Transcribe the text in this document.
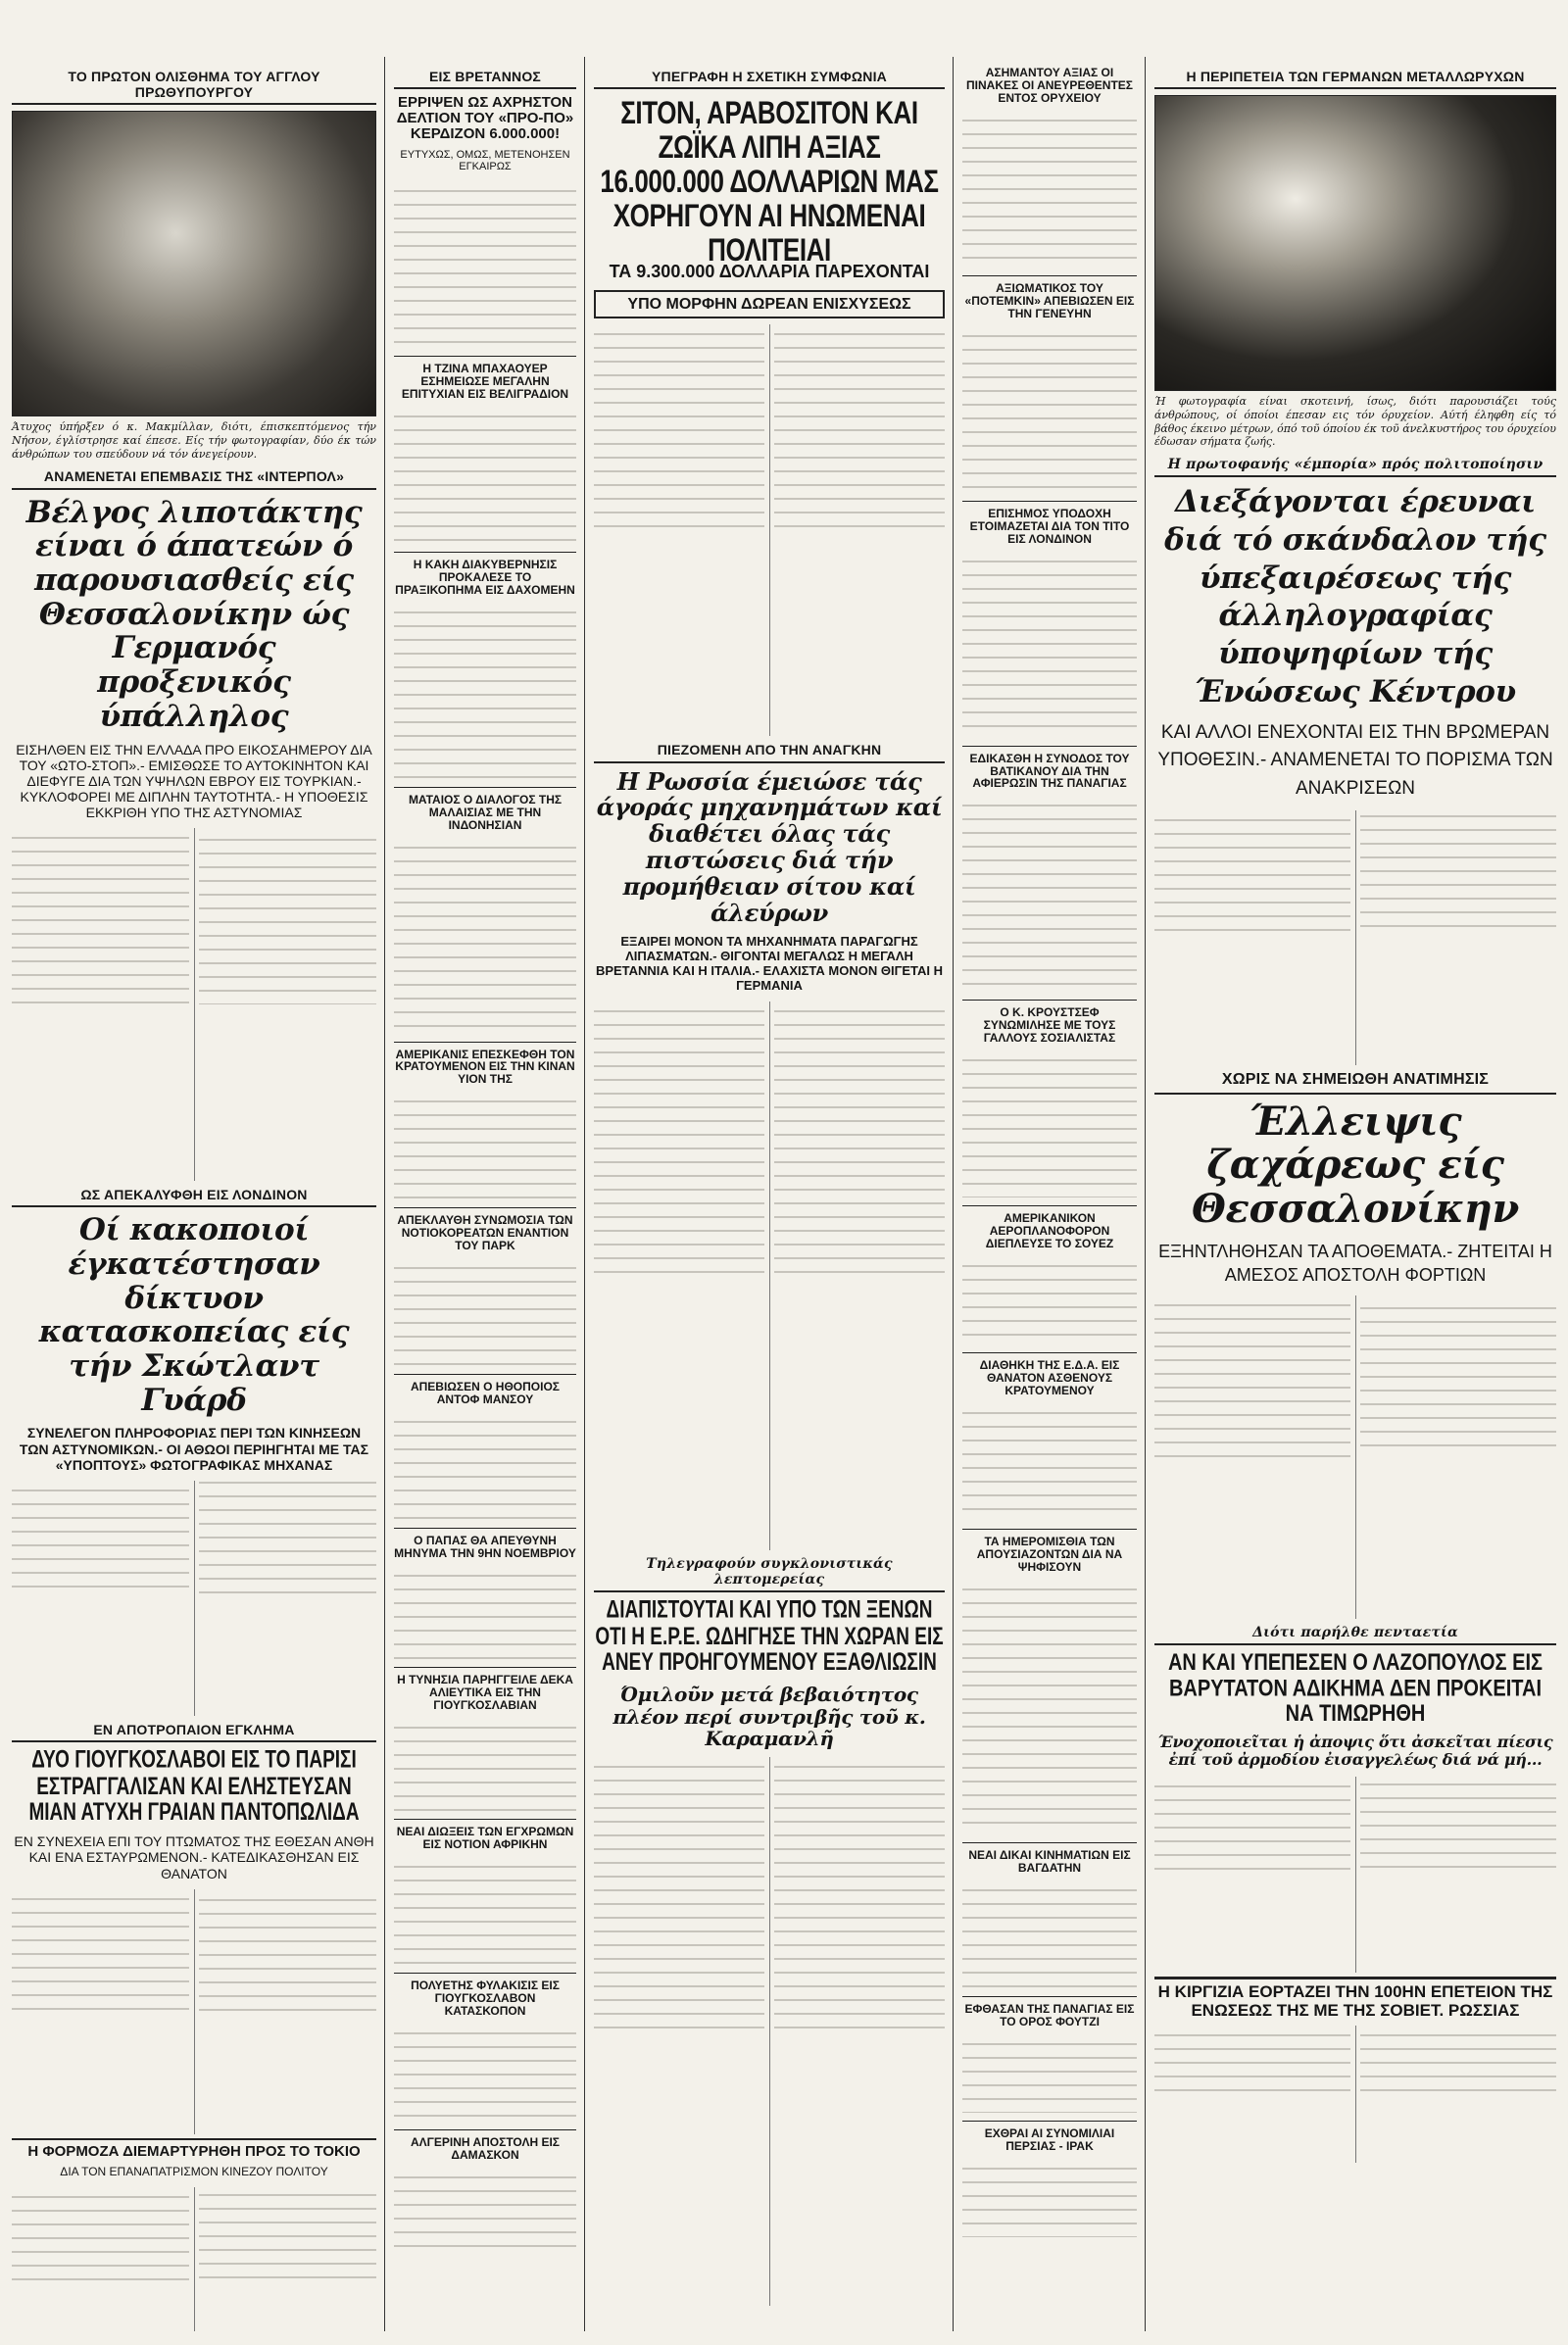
ΤΟ ΠΡΩΤΟΝ ΟΛΙΣΘΗΜΑ ΤΟΥ ΑΓΓΛΟΥ ΠΡΩΘΥΠΟΥΡΓΟΥ
Άτυχος ύπήρξεν ό κ. Μακμίλλαν, διότι, έπισκεπτόμενος τήν Νήσον, έγλίστρησε καί έπεσε. Είς τήν φωτογραφίαν, δύο έκ τών άνθρώπων του σπεύδουν νά τόν άνεγείρουν.
ΑΝΑΜΕΝΕΤΑΙ ΕΠΕΜΒΑΣΙΣ ΤΗΣ «ΙΝΤΕΡΠΟΛ»
Βέλγος λιποτάκτης είναι ό άπατεών ό παρουσιασθείς είς Θεσσαλονίκην ώς Γερμανός προξενικός ύπάλληλος
ΕΙΣΗΛΘΕΝ ΕΙΣ ΤΗΝ ΕΛΛΑΔΑ ΠΡΟ ΕΙΚΟΣΑΗΜΕΡΟΥ ΔΙΑ ΤΟΥ «ΩΤΟ-ΣΤΟΠ».- ΕΜΙΣΘΩΣΕ ΤΟ ΑΥΤΟΚΙΝΗΤΟΝ ΚΑΙ ΔΙΕΦΥΓΕ ΔΙΑ ΤΩΝ ΥΨΗΛΩΝ ΕΒΡΟΥ ΕΙΣ ΤΟΥΡΚΙΑΝ.- ΚΥΚΛΟΦΟΡΕΙ ΜΕ ΔΙΠΛΗΝ ΤΑΥΤΟΤΗΤΑ.- Η ΥΠΟΘΕΣΙΣ ΕΚΚΡΙΘΗ ΥΠΟ ΤΗΣ ΑΣΤΥΝΟΜΙΑΣ
ΩΣ ΑΠΕΚΑΛΥΦΘΗ ΕΙΣ ΛΟΝΔΙΝΟΝ
Οί κακοποιοί έγκατέστησαν δίκτυον κατασκοπείας είς τήν Σκώτλαντ Γυάρδ
ΣΥΝΕΛΕΓΟΝ ΠΛΗΡΟΦΟΡΙΑΣ ΠΕΡΙ ΤΩΝ ΚΙΝΗΣΕΩΝ ΤΩΝ ΑΣΤΥΝΟΜΙΚΩΝ.- ΟΙ ΑΘΩΟΙ ΠΕΡΙΗΓΗΤΑΙ ΜΕ ΤΑΣ «ΥΠΟΠΤΟΥΣ» ΦΩΤΟΓΡΑΦΙΚΑΣ ΜΗΧΑΝΑΣ
ΕΝ ΑΠΟΤΡΟΠΑΙΟΝ ΕΓΚΛΗΜΑ
ΔΥΟ ΓΙΟΥΓΚΟΣΛΑΒΟΙ ΕΙΣ ΤΟ ΠΑΡΙΣΙ ΕΣΤΡΑΓΓΑΛΙΣΑΝ ΚΑΙ ΕΛΗΣΤΕΥΣΑΝ ΜΙΑΝ ΑΤΥΧΗ ΓΡΑΙΑΝ ΠΑΝΤΟΠΩΛΙΔΑ
ΕΝ ΣΥΝΕΧΕΙΑ ΕΠΙ ΤΟΥ ΠΤΩΜΑΤΟΣ ΤΗΣ ΕΘΕΣΑΝ ΑΝΘΗ ΚΑΙ ΕΝΑ ΕΣΤΑΥΡΩΜΕΝΟΝ.- ΚΑΤΕΔΙΚΑΣΘΗΣΑΝ ΕΙΣ ΘΑΝΑΤΟΝ
Η ΦΟΡΜΟΖΑ ΔΙΕΜΑΡΤΥΡΗΘΗ ΠΡΟΣ ΤΟ ΤΟΚΙΟ
ΔΙΑ ΤΟΝ ΕΠΑΝΑΠΑΤΡΙΣΜΟΝ ΚΙΝΕΖΟΥ ΠΟΛΙΤΟΥ
ΕΙΣ ΒΡΕΤΑΝΝΟΣ
ΕΡΡΙΨΕΝ ΩΣ ΑΧΡΗΣΤΟΝ ΔΕΛΤΙΟΝ ΤΟΥ «ΠΡΟ-ΠΟ» ΚΕΡΔΙΖΟΝ 6.000.000!
ΕΥΤΥΧΩΣ, ΟΜΩΣ, ΜΕΤΕΝΟΗΣΕΝ ΕΓΚΑΙΡΩΣ
Η ΤΖΙΝΑ ΜΠΑΧΑΟΥΕΡ ΕΣΗΜΕΙΩΣΕ ΜΕΓΑΛΗΝ ΕΠΙΤΥΧΙΑΝ ΕΙΣ ΒΕΛΙΓΡΑΔΙΟΝ
Η ΚΑΚΗ ΔΙΑΚΥΒΕΡΝΗΣΙΣ ΠΡΟΚΑΛΕΣΕ ΤΟ ΠΡΑΞΙΚΟΠΗΜΑ ΕΙΣ ΔΑΧΟΜΕΗΝ
ΜΑΤΑΙΟΣ Ο ΔΙΑΛΟΓΟΣ ΤΗΣ ΜΑΛΑΙΣΙΑΣ ΜΕ ΤΗΝ ΙΝΔΟΝΗΣΙΑΝ
ΑΜΕΡΙΚΑΝΙΣ ΕΠΕΣΚΕΦΘΗ ΤΟΝ ΚΡΑΤΟΥΜΕΝΟΝ ΕΙΣ ΤΗΝ ΚΙΝΑΝ ΥΙΟΝ ΤΗΣ
ΑΠΕΚΛΑΥΘΗ ΣΥΝΩΜΟΣΙΑ ΤΩΝ ΝΟΤΙΟΚΟΡΕΑΤΩΝ ΕΝΑΝΤΙΟΝ ΤΟΥ ΠΑΡΚ
ΑΠΕΒΙΩΣΕΝ Ο ΗΘΟΠΟΙΟΣ ΑΝΤΟΦ ΜΑΝΣΟΥ
Ο ΠΑΠΑΣ ΘΑ ΑΠΕΥΘΥΝΗ ΜΗΝΥΜΑ ΤΗΝ 9ΗΝ ΝΟΕΜΒΡΙΟΥ
Η ΤΥΝΗΣΙΑ ΠΑΡΗΓΓΕΙΛΕ ΔΕΚΑ ΑΛΙΕΥΤΙΚΑ ΕΙΣ ΤΗΝ ΓΙΟΥΓΚΟΣΛΑΒΙΑΝ
ΝΕΑΙ ΔΙΩΞΕΙΣ ΤΩΝ ΕΓΧΡΩΜΩΝ ΕΙΣ ΝΟΤΙΟΝ ΑΦΡΙΚΗΝ
ΠΟΛΥΕΤΗΣ ΦΥΛΑΚΙΣΙΣ ΕΙΣ ΓΙΟΥΓΚΟΣΛΑΒΟΝ ΚΑΤΑΣΚΟΠΟΝ
ΑΛΓΕΡΙΝΗ ΑΠΟΣΤΟΛΗ ΕΙΣ ΔΑΜΑΣΚΟΝ
ΥΠΕΓΡΑΦΗ Η ΣΧΕΤΙΚΗ ΣΥΜΦΩΝΙΑ
ΣΙΤΟΝ, ΑΡΑΒΟΣΙΤΟΝ ΚΑΙ ΖΩΪΚΑ ΛΙΠΗ ΑΞΙΑΣ 16.000.000 ΔΟΛΛΑΡΙΩΝ ΜΑΣ ΧΟΡΗΓΟΥΝ ΑΙ ΗΝΩΜΕΝΑΙ ΠΟΛΙΤΕΙΑΙ
ΤΑ 9.300.000 ΔΟΛΛΑΡΙΑ ΠΑΡΕΧΟΝΤΑΙ
ΥΠΟ ΜΟΡΦΗΝ ΔΩΡΕΑΝ ΕΝΙΣΧΥΣΕΩΣ
ΠΙΕΖΟΜΕΝΗ ΑΠΟ ΤΗΝ ΑΝΑΓΚΗΝ
Η Ρωσσία έμειώσε τάς άγοράς μηχανημάτων καί διαθέτει όλας τάς πιστώσεις διά τήν προμήθειαν σίτου καί άλεύρων
ΕΞΑΙΡΕΙ ΜΟΝΟΝ ΤΑ ΜΗΧΑΝΗΜΑΤΑ ΠΑΡΑΓΩΓΗΣ ΛΙΠΑΣΜΑΤΩΝ.- ΘΙΓΟΝΤΑΙ ΜΕΓΑΛΩΣ Η ΜΕΓΑΛΗ ΒΡΕΤΑΝΝΙΑ ΚΑΙ Η ΙΤΑΛΙΑ.- ΕΛΑΧΙΣΤΑ ΜΟΝΟΝ ΘΙΓΕΤΑΙ Η ΓΕΡΜΑΝΙΑ
Τηλεγραφούν συγκλονιστικάς λεπτομερείας
ΔΙΑΠΙΣΤΟΥΤΑΙ ΚΑΙ ΥΠΟ ΤΩΝ ΞΕΝΩΝ ΟΤΙ Η Ε.Ρ.Ε. ΩΔΗΓΗΣΕ ΤΗΝ ΧΩΡΑΝ ΕΙΣ ΑΝΕΥ ΠΡΟΗΓΟΥΜΕΝΟΥ ΕΞΑΘΛΙΩΣΙΝ
Όμιλοῦν μετά βεβαιότητος πλέον περί συντριβῆς τοῦ κ. Καραμανλῆ
ΑΣΗΜΑΝΤΟΥ ΑΞΙΑΣ ΟΙ ΠΙΝΑΚΕΣ ΟΙ ΑΝΕΥΡΕΘΕΝΤΕΣ ΕΝΤΟΣ ΟΡΥΧΕΙΟΥ
ΑΞΙΩΜΑΤΙΚΟΣ ΤΟΥ «ΠΟΤΕΜΚΙΝ» ΑΠΕΒΙΩΣΕΝ ΕΙΣ ΤΗΝ ΓΕΝΕΥΗΝ
ΕΠΙΣΗΜΟΣ ΥΠΟΔΟΧΗ ΕΤΟΙΜΑΖΕΤΑΙ ΔΙΑ ΤΟΝ ΤΙΤΟ ΕΙΣ ΛΟΝΔΙΝΟΝ
ΕΔΙΚΑΣΘΗ Η ΣΥΝΟΔΟΣ ΤΟΥ ΒΑΤΙΚΑΝΟΥ ΔΙΑ ΤΗΝ ΑΦΙΕΡΩΣΙΝ ΤΗΣ ΠΑΝΑΓΙΑΣ
Ο Κ. ΚΡΟΥΣΤΣΕΦ ΣΥΝΩΜΙΛΗΣΕ ΜΕ ΤΟΥΣ ΓΑΛΛΟΥΣ ΣΟΣΙΑΛΙΣΤΑΣ
ΑΜΕΡΙΚΑΝΙΚΟΝ ΑΕΡΟΠΛΑΝΟΦΟΡΟΝ ΔΙΕΠΛΕΥΣΕ ΤΟ ΣΟΥΕΖ
ΔΙΑΘΗΚΗ ΤΗΣ Ε.Δ.Α. ΕΙΣ ΘΑΝΑΤΟΝ ΑΣΘΕΝΟΥΣ ΚΡΑΤΟΥΜΕΝΟΥ
ΤΑ ΗΜΕΡΟΜΙΣΘΙΑ ΤΩΝ ΑΠΟΥΣΙΑΖΟΝΤΩΝ ΔΙΑ ΝΑ ΨΗΦΙΣΟΥΝ
ΝΕΑΙ ΔΙΚΑΙ ΚΙΝΗΜΑΤΙΩΝ ΕΙΣ ΒΑΓΔΑΤΗΝ
ΕΦΘΑΣΑΝ ΤΗΣ ΠΑΝΑΓΙΑΣ ΕΙΣ ΤΟ ΟΡΟΣ ΦΟΥΤΖΙ
ΕΧΘΡΑΙ ΑΙ ΣΥΝΟΜΙΛΙΑΙ ΠΕΡΣΙΑΣ - ΙΡΑΚ
Η ΠΕΡΙΠΕΤΕΙΑ ΤΩΝ ΓΕΡΜΑΝΩΝ ΜΕΤΑΛΛΩΡΥΧΩΝ
Ή φωτογραφία είναι σκοτεινή, ίσως, διότι παρουσιάζει τούς άνθρώπους, οί όποίοι έπεσαν εις τόν όρυχείον. Αύτή έληφθη είς τό βάθος έκεινο μέτρων, όπό τοῦ όποίου έκ τοῦ άνελκυστήρος του όρυχείου έδωσαν σήματα ζωής.
Η πρωτοφανής «έμπορία» πρός πολιτοποίησιν
Διεξάγονται έρευναι διά τό σκάνδαλον τής ύπεξαιρέσεως τής άλληλογραφίας ύποψηφίων τής Ένώσεως Κέντρου
ΚΑΙ ΑΛΛΟΙ ΕΝΕΧΟΝΤΑΙ ΕΙΣ ΤΗΝ ΒΡΩΜΕΡΑΝ ΥΠΟΘΕΣΙΝ.- ΑΝΑΜΕΝΕΤΑΙ ΤΟ ΠΟΡΙΣΜΑ ΤΩΝ ΑΝΑΚΡΙΣΕΩΝ
ΧΩΡΙΣ ΝΑ ΣΗΜΕΙΩΘΗ ΑΝΑΤΙΜΗΣΙΣ
Έλλειψις ζαχάρεως είς Θεσσαλονίκην
ΕΞΗΝΤΛΗΘΗΣΑΝ ΤΑ ΑΠΟΘΕΜΑΤΑ.- ΖΗΤΕΙΤΑΙ Η ΑΜΕΣΟΣ ΑΠΟΣΤΟΛΗ ΦΟΡΤΙΩΝ
Διότι παρήλθε πενταετία
ΑΝ ΚΑΙ ΥΠΕΠΕΣΕΝ Ο ΛΑΖΟΠΟΥΛΟΣ ΕΙΣ ΒΑΡΥΤΑΤΟΝ ΑΔΙΚΗΜΑ ΔΕΝ ΠΡΟΚΕΙΤΑΙ ΝΑ ΤΙΜΩΡΗΘΗ
Ένοχοποιεῖται ἡ ἀποψις ὅτι ἀσκεῖται πίεσις ἐπί τοῦ ἀρμοδίου ἐισαγγελέως διά νά μή...
Η ΚΙΡΓΙΖΙΑ ΕΟΡΤΑΖΕΙ ΤΗΝ 100ΗΝ ΕΠΕΤΕΙΟΝ ΤΗΣ ΕΝΩΣΕΩΣ ΤΗΣ ΜΕ ΤΗΣ ΣΟΒΙΕΤ. ΡΩΣΣΙΑΣ
